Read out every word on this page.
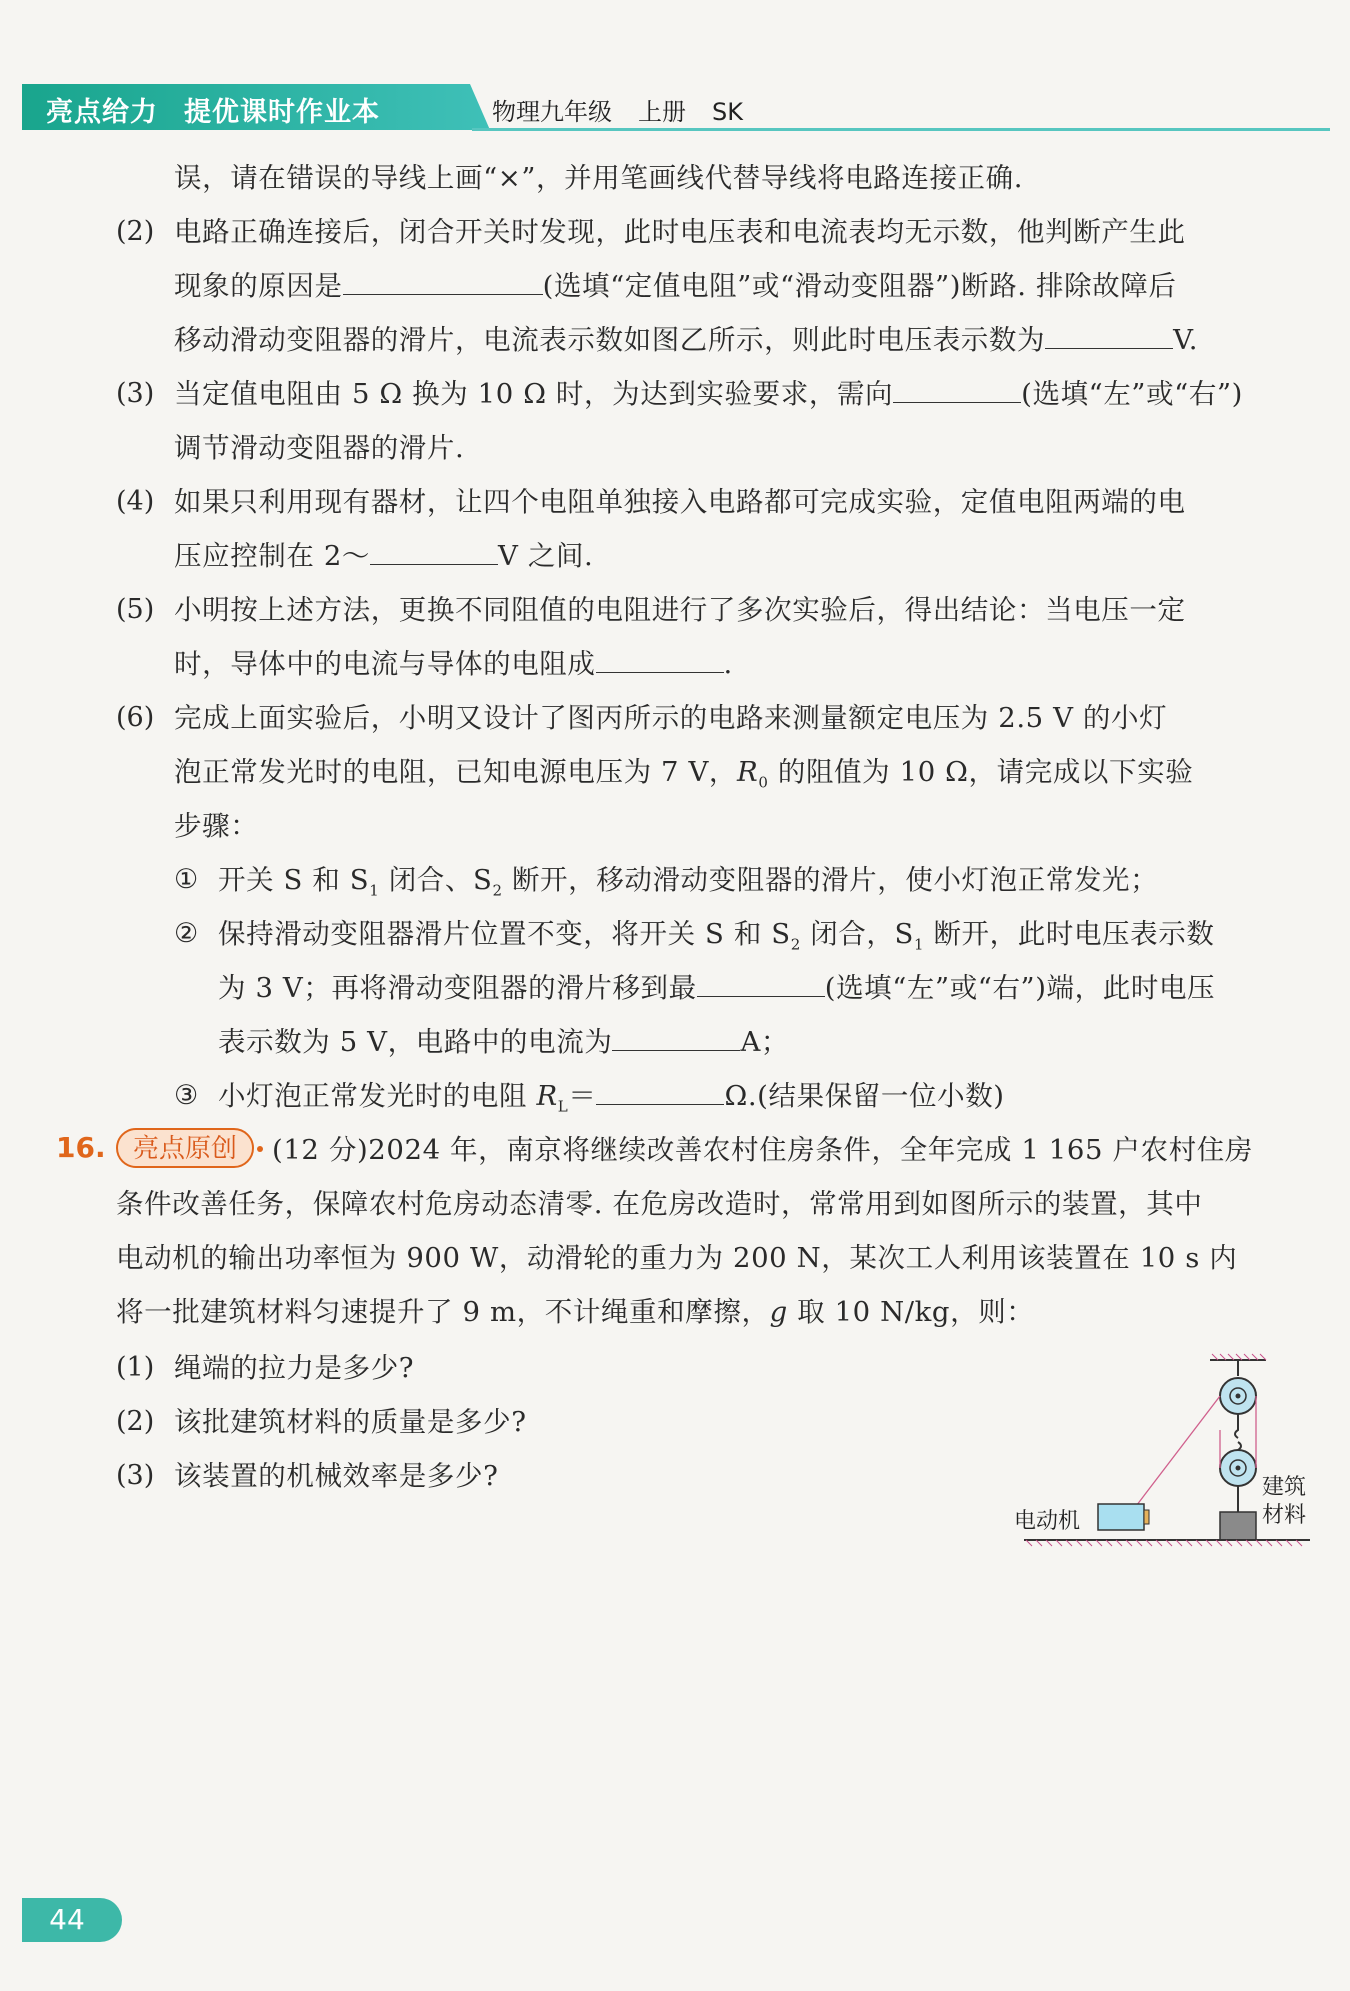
亮点给力 提优课时作业本	物理九年级 上册 SK
误，请在错误的导线上画“×”，并用笔画线代替导线将电路连接正确.
(2) 电路正确连接后，闭合开关时发现，此时电压表和电流表均无示数，他判断产生此
现象的原因是	(选填“定值电阻”或“滑动变阻器”)断路. 排除故障后
移动滑动变阻器的滑片，电流表示数如图乙所示，则此时电压表示数为	V.
(3) 当定值电阻由 5 Ω 换为 10 Ω 时，为达到实验要求，需向	(选填“左”或“右”)
调节滑动变阻器的滑片.
(4) 如果只利用现有器材，让四个电阻单独接入电路都可完成实验，定值电阻两端的电
压应控制在 2～	V 之间.
(5) 小明按上述方法，更换不同阻值的电阻进行了多次实验后，得出结论：当电压一定
时，导体中的电流与导体的电阻成	.
(6) 完成上面实验后，小明又设计了图丙所示的电路来测量额定电压为 2.5 V 的小灯
泡正常发光时的电阻，已知电源电压为 7 V，$R_0$ 的阻值为 10 Ω，请完成以下实验
步骤：
① 开关 S 和 $S_1$ 闭合、$S_2$ 断开，移动滑动变阻器的滑片，使小灯泡正常发光；
② 保持滑动变阻器滑片位置不变，将开关 S 和 $S_2$ 闭合，$S_1$ 断开，此时电压表示数
为 3 V；再将滑动变阻器的滑片移到最	(选填“左”或“右”)端，此时电压
表示数为 5 V，电路中的电流为	A；
③ 小灯泡正常发光时的电阻 $R_L=$	Ω.(结果保留一位小数)
16.	亮点原创	(12 分)2024 年，南京将继续改善农村住房条件，全年完成 1 165 户农村住房
条件改善任务，保障农村危房动态清零. 在危房改造时，常常用到如图所示的装置，其中
电动机的输出功率恒为 900 W，动滑轮的重力为 200 N，某次工人利用该装置在 10 s 内
将一批建筑材料匀速提升了 9 m，不计绳重和摩擦，g 取 10 N/kg，则：
(1) 绳端的拉力是多少?
(2) 该批建筑材料的质量是多少?
(3) 该装置的机械效率是多少?
电动机
建筑
材料
44
